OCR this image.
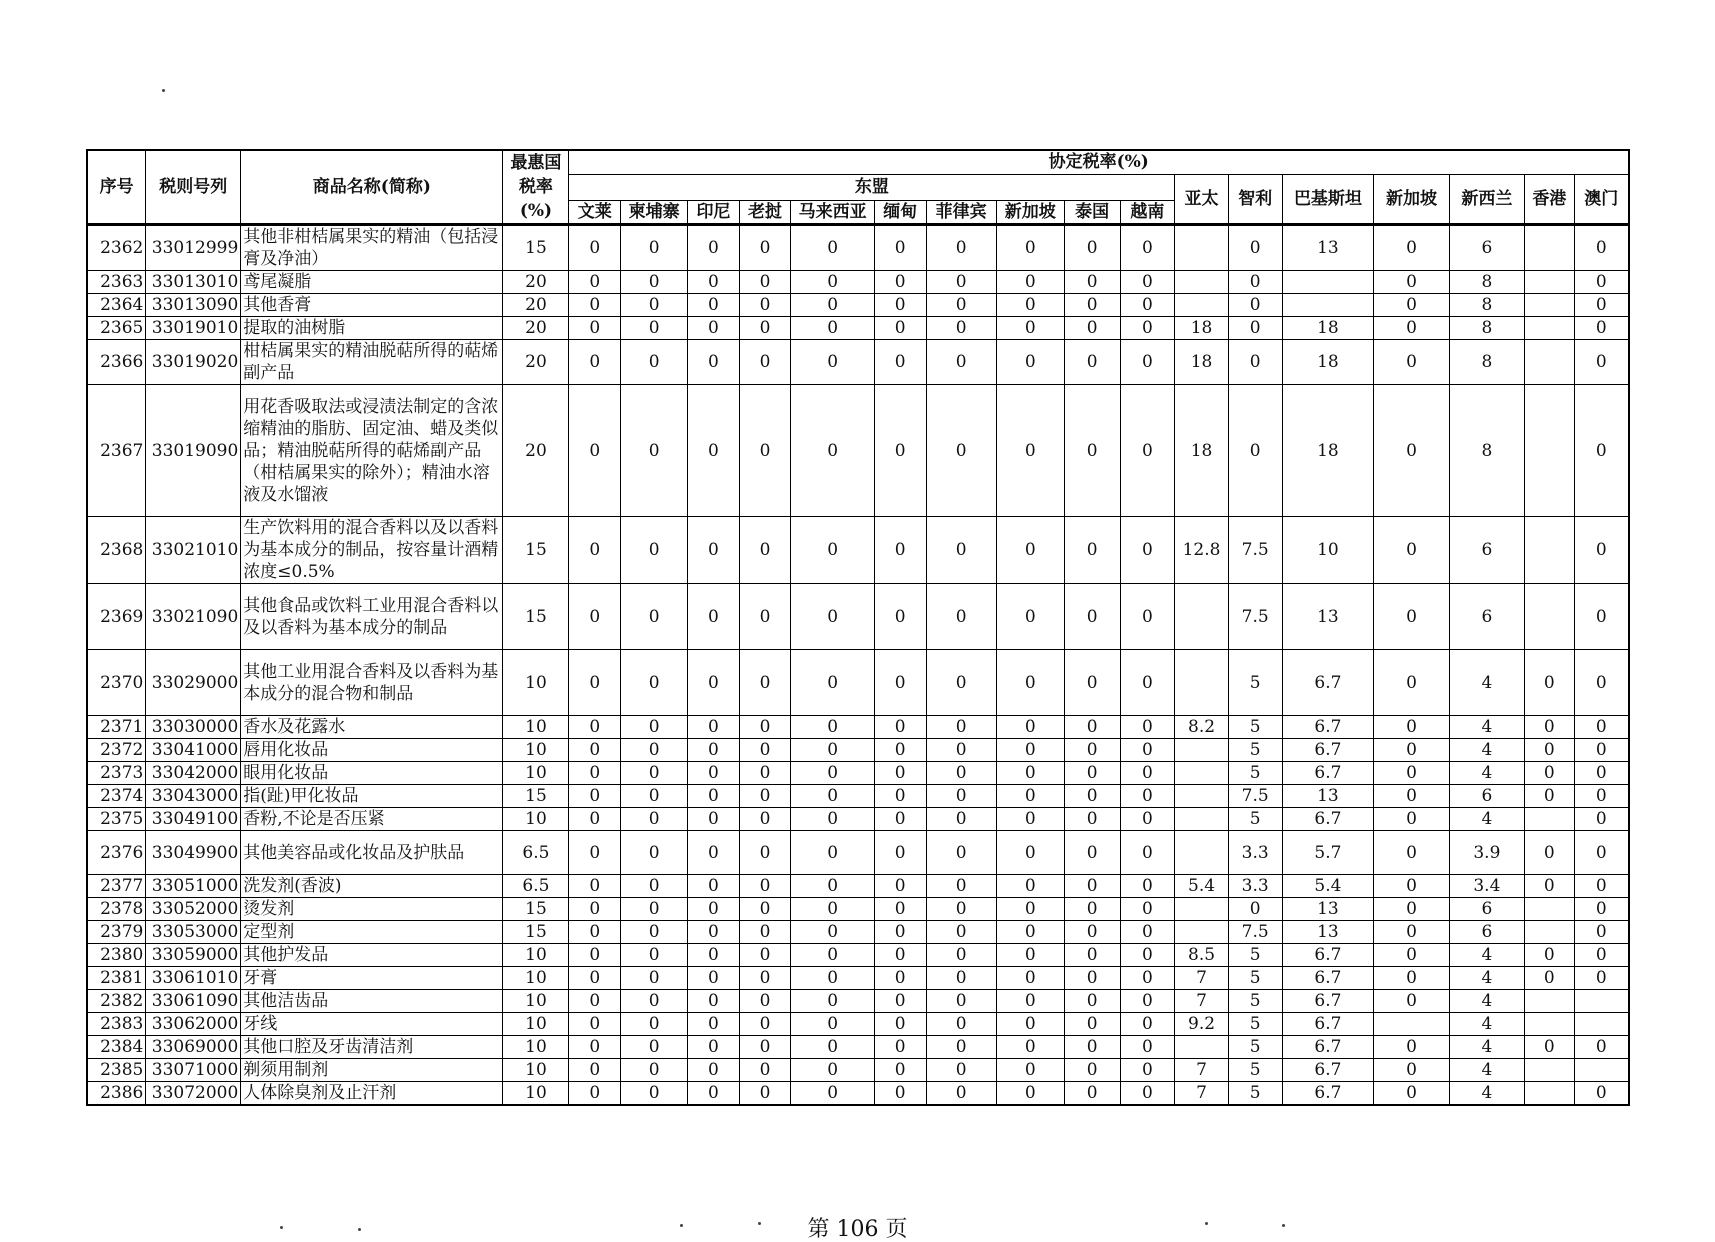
序号	税则号列	商品名称(简称)	最惠国税率(%)	协定税率(%)																
				东盟										亚太	智利	巴基斯坦	新加坡	新西兰	香港	澳门
				文莱	柬埔寨	印尼	老挝	马来西亚	缅甸	菲律宾	新加坡	泰国	越南							
2362	33012999	其他非柑桔属果实的精油（包括浸膏及净油）	15	0	0	0	0	0	0	0	0	0	0		0	13	0	6		0
2363	33013010	鸢尾凝脂	20	0	0	0	0	0	0	0	0	0	0		0		0	8		0
2364	33013090	其他香膏	20	0	0	0	0	0	0	0	0	0	0		0		0	8		0
2365	33019010	提取的油树脂	20	0	0	0	0	0	0	0	0	0	0	18	0	18	0	8		0
2366	33019020	柑桔属果实的精油脱萜所得的萜烯副产品	20	0	0	0	0	0	0	0	0	0	0	18	0	18	0	8		0
2367	33019090	用花香吸取法或浸渍法制定的含浓缩精油的脂肪、固定油、蜡及类似品；精油脱萜所得的萜烯副产品（柑桔属果实的除外）；精油水溶液及水馏液	20	0	0	0	0	0	0	0	0	0	0	18	0	18	0	8		0
2368	33021010	生产饮料用的混合香料以及以香料为基本成分的制品，按容量计酒精浓度≤0.5%	15	0	0	0	0	0	0	0	0	0	0	12.8	7.5	10	0	6		0
2369	33021090	其他食品或饮料工业用混合香料以及以香料为基本成分的制品	15	0	0	0	0	0	0	0	0	0	0		7.5	13	0	6		0
2370	33029000	其他工业用混合香料及以香料为基本成分的混合物和制品	10	0	0	0	0	0	0	0	0	0	0		5	6.7	0	4	0	0
2371	33030000	香水及花露水	10	0	0	0	0	0	0	0	0	0	0	8.2	5	6.7	0	4	0	0
2372	33041000	唇用化妆品	10	0	0	0	0	0	0	0	0	0	0		5	6.7	0	4	0	0
2373	33042000	眼用化妆品	10	0	0	0	0	0	0	0	0	0	0		5	6.7	0	4	0	0
2374	33043000	指(趾)甲化妆品	15	0	0	0	0	0	0	0	0	0	0		7.5	13	0	6	0	0
2375	33049100	香粉,不论是否压紧	10	0	0	0	0	0	0	0	0	0	0		5	6.7	0	4		0
2376	33049900	其他美容品或化妆品及护肤品	6.5	0	0	0	0	0	0	0	0	0	0		3.3	5.7	0	3.9	0	0
2377	33051000	洗发剂(香波)	6.5	0	0	0	0	0	0	0	0	0	0	5.4	3.3	5.4	0	3.4	0	0
2378	33052000	烫发剂	15	0	0	0	0	0	0	0	0	0	0		0	13	0	6		0
2379	33053000	定型剂	15	0	0	0	0	0	0	0	0	0	0		7.5	13	0	6		0
2380	33059000	其他护发品	10	0	0	0	0	0	0	0	0	0	0	8.5	5	6.7	0	4	0	0
2381	33061010	牙膏	10	0	0	0	0	0	0	0	0	0	0	7	5	6.7	0	4	0	0
2382	33061090	其他洁齿品	10	0	0	0	0	0	0	0	0	0	0	7	5	6.7	0	4		
2383	33062000	牙线	10	0	0	0	0	0	0	0	0	0	0	9.2	5	6.7		4		
2384	33069000	其他口腔及牙齿清洁剂	10	0	0	0	0	0	0	0	0	0	0		5	6.7	0	4	0	0
2385	33071000	剃须用制剂	10	0	0	0	0	0	0	0	0	0	0	7	5	6.7	0	4		
2386	33072000	人体除臭剂及止汗剂	10	0	0	0	0	0	0	0	0	0	0	7	5	6.7	0	4		0
第 106 页
